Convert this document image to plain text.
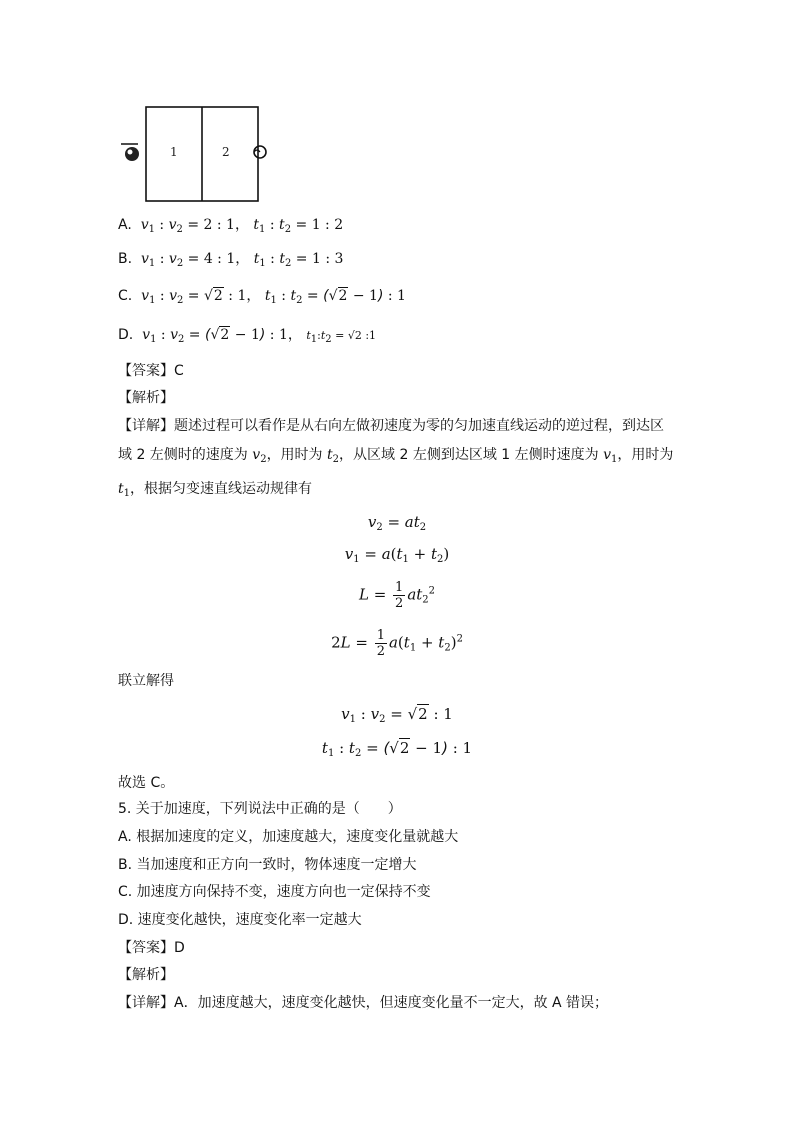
1	2
A. $v_1$ : $v_2 = 2$ : 1， $t_1$ : $t_2 = 1$ : 2
B. $v_1$ : $v_2 = 4$ : 1， $t_1$ : $t_2 = 1$ : 3
C. $v_1$ : $v_2 = √2$ : 1， $t_1$ : $t_2 = (√2 - 1)$ : 1
D. $v_1$ : $v_2 = (√2 - 1)$ : 1， t1:t2 = √2 :1
【答案】C
【解析】
【详解】题述过程可以看作是从右向左做初速度为零的匀加速直线运动的逆过程，到达区
域 2 左侧时的速度为 $v_2$，用时为 $t_2$，从区域 2 左侧到达区域 1 左侧时速度为 $v_1$，用时为
$t_1$，根据匀变速直线运动规律有
$v_2 = at_2$
$v_1 = a(t_1 + t_2)$
$L = \frac{1}{2} at_2^2$
$2L = \frac{1}{2} a(t_1 + t_2)^2$
联立解得
$v_1$ : $v_2 = √2$ : 1
$t_1$ : $t_2 = (√2 - 1)$ : 1
故选 C。
5. 关于加速度，下列说法中正确的是（　　）
A. 根据加速度的定义，加速度越大，速度变化量就越大
B. 当加速度和正方向一致时，物体速度一定增大
C. 加速度方向保持不变，速度方向也一定保持不变
D. 速度变化越快，速度变化率一定越大
【答案】D
【解析】
【详解】A．加速度越大，速度变化越快，但速度变化量不一定大，故 A 错误；
